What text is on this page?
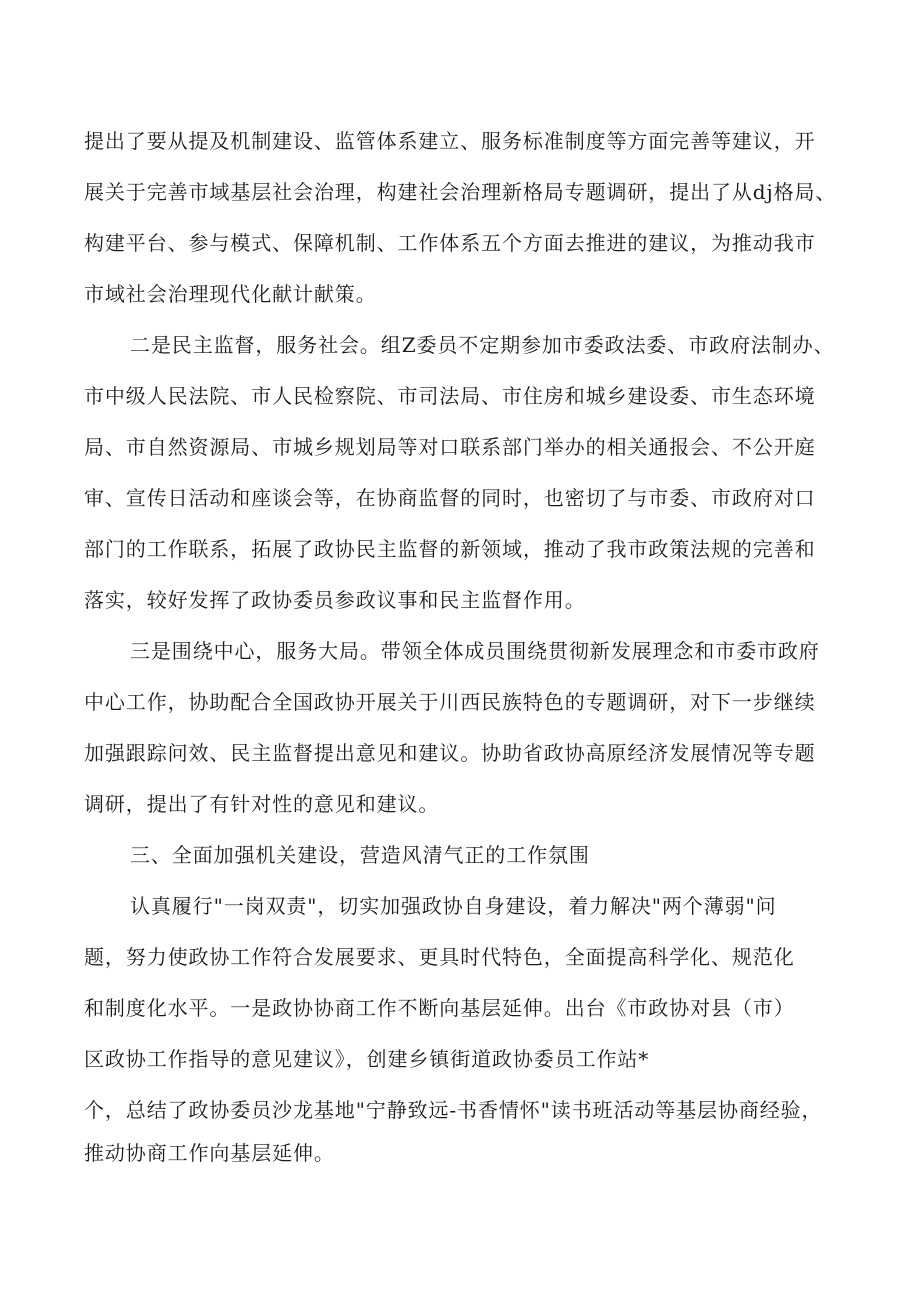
提出了要从提及机制建设、监管体系建立、服务标准制度等方面完善等建议，开
展关于完善市域基层社会治理，构建社会治理新格局专题调研，提出了从dj格局、
构建平台、参与模式、保障机制、工作体系五个方面去推进的建议，为推动我市
市域社会治理现代化献计献策。
二是民主监督，服务社会。组Z委员不定期参加市委政法委、市政府法制办、
市中级人民法院、市人民检察院、市司法局、市住房和城乡建设委、市生态环境
局、市自然资源局、市城乡规划局等对口联系部门举办的相关通报会、不公开庭
审、宣传日活动和座谈会等，在协商监督的同时，也密切了与市委、市政府对口
部门的工作联系，拓展了政协民主监督的新领域，推动了我市政策法规的完善和
落实，较好发挥了政协委员参政议事和民主监督作用。
三是围绕中心，服务大局。带领全体成员围绕贯彻新发展理念和市委市政府
中心工作，协助配合全国政协开展关于川西民族特色的专题调研，对下一步继续
加强跟踪问效、民主监督提出意见和建议。协助省政协高原经济发展情况等专题
调研，提出了有针对性的意见和建议。
三、全面加强机关建设，营造风清气正的工作氛围
认真履行"一岗双责"，切实加强政协自身建设，着力解决"两个薄弱"问
题，努力使政协工作符合发展要求、更具时代特色，全面提高科学化、规范化
和制度化水平。一是政协协商工作不断向基层延伸。出台《市政协对县（市）
区政协工作指导的意见建议》，创建乡镇街道政协委员工作站*
个，总结了政协委员沙龙基地"宁静致远-书香情怀"读书班活动等基层协商经验，
推动协商工作向基层延伸。
